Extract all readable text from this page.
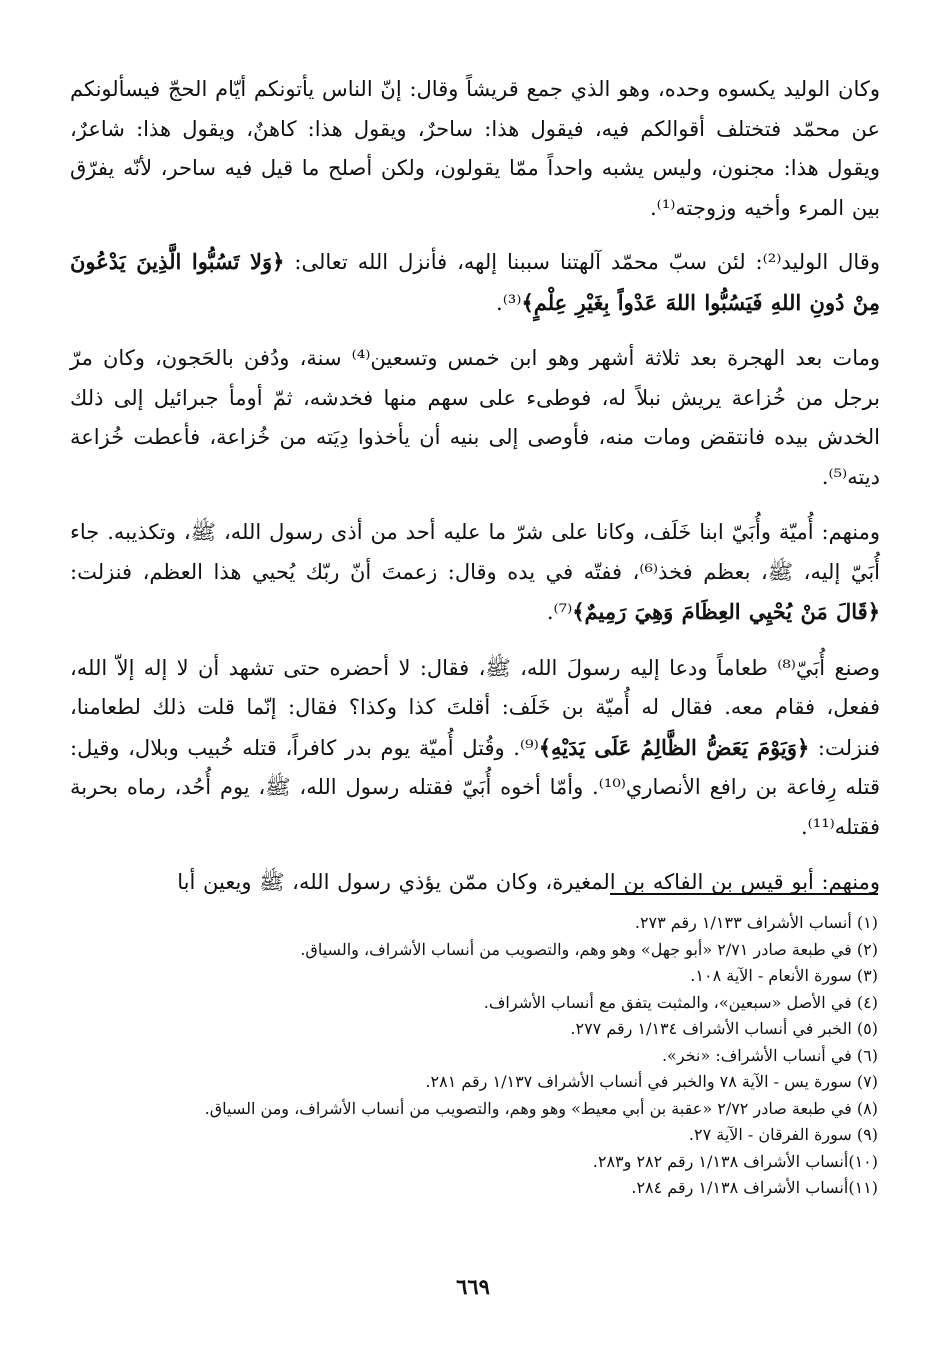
وكان الوليد يكسوه وحده، وهو الذي جمع قريشاً وقال: إنّ الناس يأتونكم أيّام الحجّ فيسألونكم عن محمّد فتختلف أقوالكم فيه، فيقول هذا: ساحرٌ، ويقول هذا: كاهنٌ، ويقول هذا: شاعرٌ، ويقول هذا: مجنون، وليس يشبه واحداً ممّا يقولون، ولكن أصلح ما قيل فيه ساحر، لأنّه يفرّق بين المرء وأخيه وزوجته⁽¹⁾.

وقال الوليد⁽²⁾: لئن سبّ محمّد آلهتنا سببنا إلهه، فأنزل الله تعالى: ﴿وَلا تَسُبُّوا الَّذِينَ يَدْعُونَ مِنْ دُونِ اللهِ فَيَسُبُّوا اللهَ عَدْواً بِغَيْرِ عِلْمٍ﴾⁽³⁾.

ومات بعد الهجرة بعد ثلاثة أشهر وهو ابن خمس وتسعين⁽⁴⁾ سنة، ودُفن بالحَجون، وكان مرّ برجل من خُزاعة يريش نبلاً له، فوطىء على سهم منها فخدشه، ثمّ أومأ جبرائيل إلى ذلك الخدش بيده فانتقض ومات منه، فأوصى إلى بنيه أن يأخذوا دِيَته من خُزاعة، فأعطت خُزاعة ديته⁽⁵⁾.

ومنهم: أُميّة وأُبَيّ ابنا خَلَف، وكانا على شرّ ما عليه أحد من أذى رسول الله، ﷺ، وتكذيبه. جاء أُبَيّ إليه، ﷺ، بعظم فخذ⁽⁶⁾، ففتّه في يده وقال: زعمتَ أنّ ربّك يُحيي هذا العظم، فنزلت: ﴿قَالَ مَنْ يُحْيِي العِظَامَ وَهِيَ رَمِيمٌ﴾⁽⁷⁾.

وصنع أُبَيّ⁽⁸⁾ طعاماً ودعا إليه رسولَ الله، ﷺ، فقال: لا أحضره حتى تشهد أن لا إله إلاّ الله، ففعل، فقام معه. فقال له أُميّة بن خَلَف: أقلتَ كذا وكذا؟ فقال: إنّما قلت ذلك لطعامنا، فنزلت: ﴿وَيَوْمَ يَعَضُّ الظَّالِمُ عَلَى يَدَيْهِ﴾⁽⁹⁾. وقُتل أُميّة يوم بدر كافراً، قتله خُبيب وبلال، وقيل: قتله رِفاعة بن رافع الأنصاري⁽¹⁰⁾. وأمّا أخوه أُبَيّ فقتله رسول الله، ﷺ، يوم أُحُد، رماه بحربة فقتله⁽¹¹⁾.

ومنهم: أبو قيس بن الفاكه بن المغيرة، وكان ممّن يؤذي رسول الله، ﷺ ويعين أبا

(١) أنساب الأشراف ١/١٣٣ رقم ٢٧٣.
(٢) في طبعة صادر ٢/٧١ «أبو جهل» وهو وهم، والتصويب من أنساب الأشراف، والسياق.
(٣) سورة الأنعام - الآية ١٠٨.
(٤) في الأصل «سبعين»، والمثبت يتفق مع أنساب الأشراف.
(٥) الخبر في أنساب الأشراف ١/١٣٤ رقم ٢٧٧.
(٦) في أنساب الأشراف: «نخر».
(٧) سورة يس - الآية ٧٨ والخبر في أنساب الأشراف ١/١٣٧ رقم ٢٨١.
(٨) في طبعة صادر ٢/٧٢ «عقبة بن أبي معيط» وهو وهم، والتصويب من أنساب الأشراف، ومن السياق.
(٩) سورة الفرقان - الآية ٢٧.
(١٠)أنساب الأشراف ١/١٣٨ رقم ٢٨٢ و٢٨٣.
(١١)أنساب الأشراف ١/١٣٨ رقم ٢٨٤.
٦٦٩
